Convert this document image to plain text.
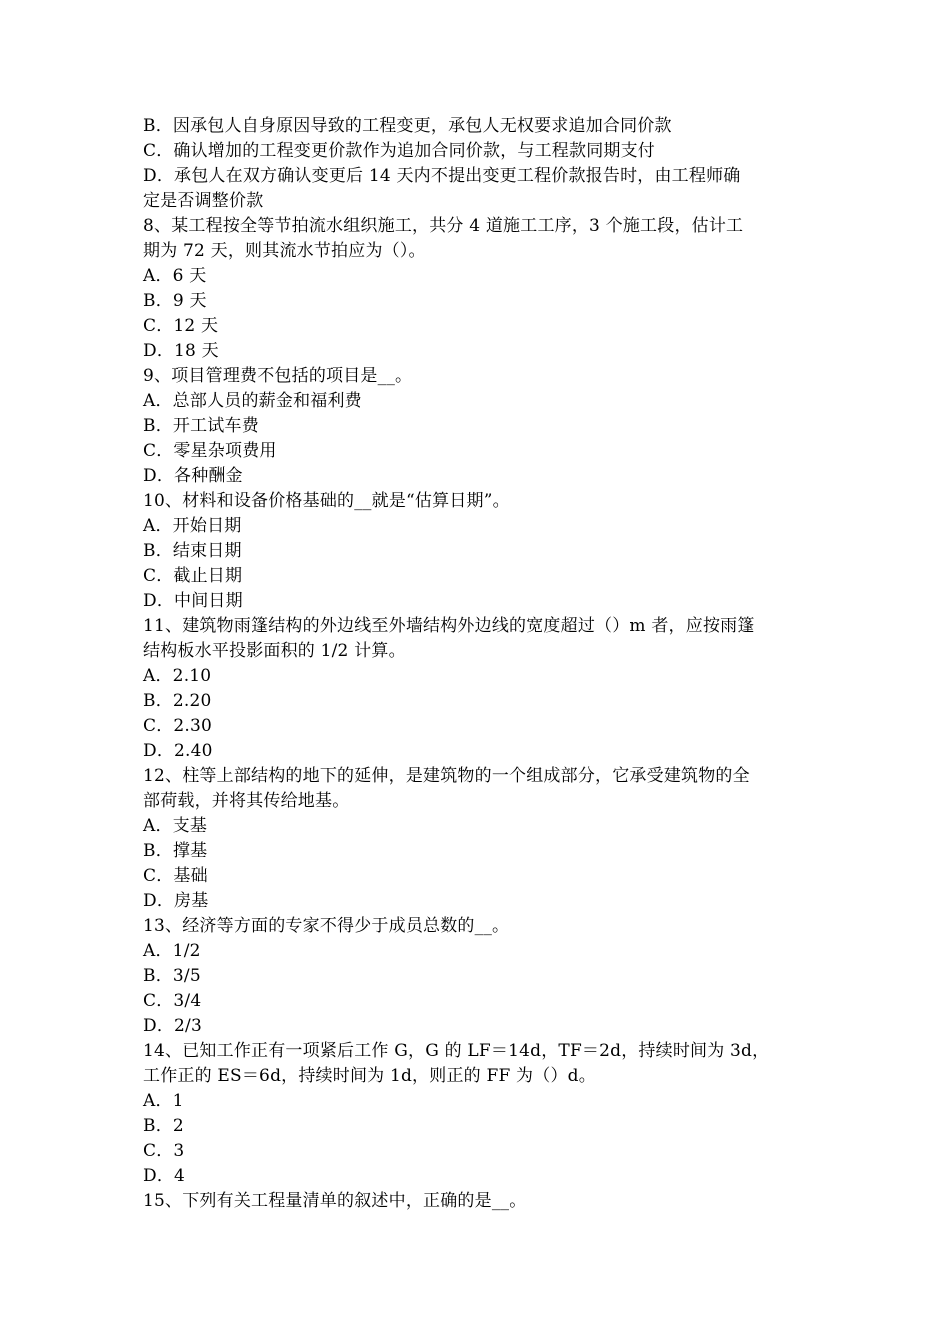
B．因承包人自身原因导致的工程变更，承包人无权要求追加合同价款
C．确认增加的工程变更价款作为追加合同价款，与工程款同期支付
D．承包人在双方确认变更后 14 天内不提出变更工程价款报告时，由工程师确
定是否调整价款
8、某工程按全等节拍流水组织施工，共分 4 道施工工序，3 个施工段，估计工
期为 72 天，则其流水节拍应为（）。
A．6 天
B．9 天
C．12 天
D．18 天
9、项目管理费不包括的项目是__。
A．总部人员的薪金和福利费
B．开工试车费
C．零星杂项费用
D．各种酬金
10、材料和设备价格基础的__就是“估算日期”。
A．开始日期
B．结束日期
C．截止日期
D．中间日期
11、建筑物雨篷结构的外边线至外墙结构外边线的宽度超过（）m 者，应按雨篷
结构板水平投影面积的 1/2 计算。
A．2.10
B．2.20
C．2.30
D．2.40
12、柱等上部结构的地下的延伸，是建筑物的一个组成部分，它承受建筑物的全
部荷载，并将其传给地基。
A．支基
B．撑基
C．基础
D．房基
13、经济等方面的专家不得少于成员总数的__。
A．1/2
B．3/5
C．3/4
D．2/3
14、已知工作正有一项紧后工作 G，G 的 LF＝14d，TF＝2d，持续时间为 3d，
工作正的 ES＝6d，持续时间为 1d，则正的 FF 为（）d。
A．1
B．2
C．3
D．4
15、下列有关工程量清单的叙述中，正确的是__。
